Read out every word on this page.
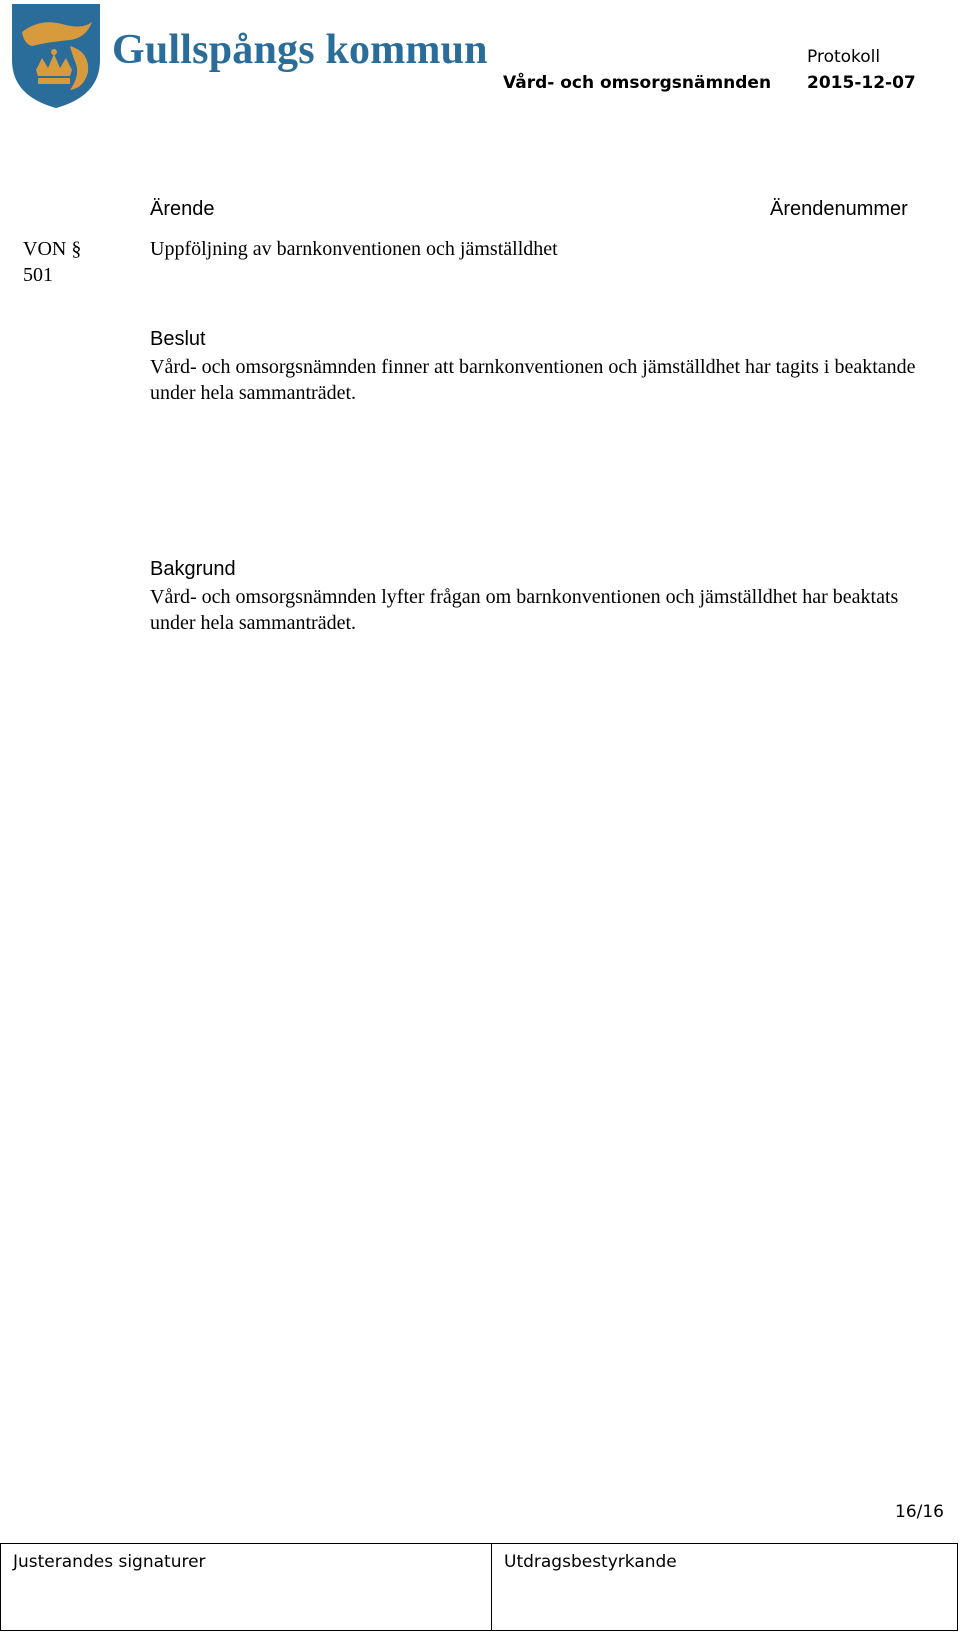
Gullspångs kommun	Protokoll
Vård- och omsorgsnämnden 2015-12-07
Ärende	Ärendenummer
VON § 501
Uppföljning av barnkonventionen och jämställdhet
Beslut
Vård- och omsorgsnämnden finner att barnkonventionen och jämställdhet har tagits i beaktande under hela sammanträdet.
Bakgrund
Vård- och omsorgsnämnden lyfter frågan om barnkonventionen och jämställdhet har beaktats under hela sammanträdet.
16/16
Justerandes signaturer	Utdragsbestyrkande
